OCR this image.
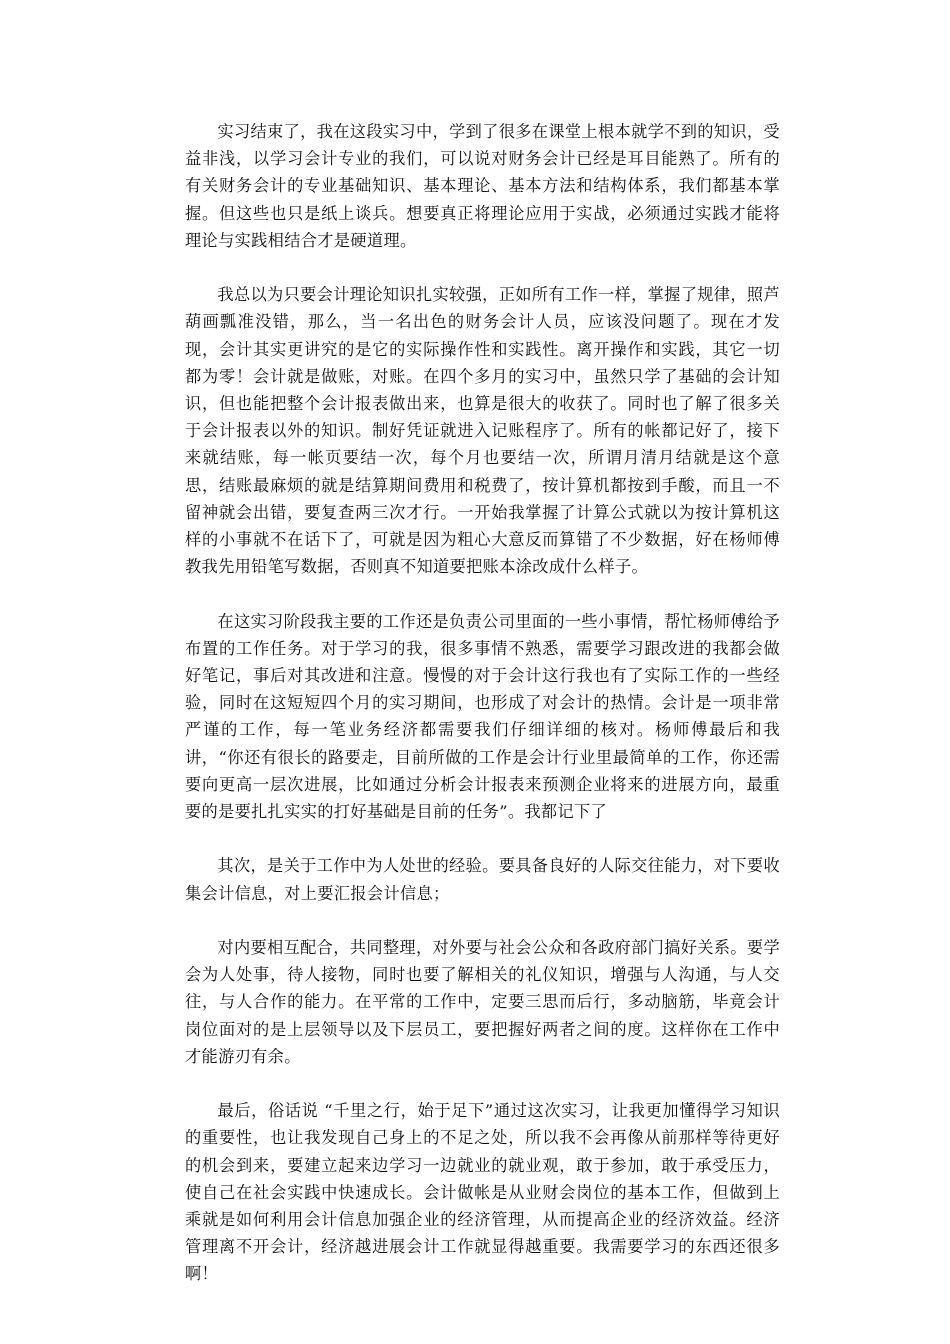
实习结束了，我在这段实习中，学到了很多在课堂上根本就学不到的知识，受益非浅，以学习会计专业的我们，可以说对财务会计已经是耳目能熟了。所有的有关财务会计的专业基础知识、基本理论、基本方法和结构体系，我们都基本掌握。但这些也只是纸上谈兵。想要真正将理论应用于实战，必须通过实践才能将理论与实践相结合才是硬道理。

我总以为只要会计理论知识扎实较强，正如所有工作一样，掌握了规律，照芦葫画瓢准没错，那么，当一名出色的财务会计人员，应该没问题了。现在才发现，会计其实更讲究的是它的实际操作性和实践性。离开操作和实践，其它一切都为零！会计就是做账，对账。在四个多月的实习中，虽然只学了基础的会计知识，但也能把整个会计报表做出来，也算是很大的收获了。同时也了解了很多关于会计报表以外的知识。制好凭证就进入记账程序了。所有的帐都记好了，接下来就结账，每一帐页要结一次，每个月也要结一次，所谓月清月结就是这个意思，结账最麻烦的就是结算期间费用和税费了，按计算机都按到手酸，而且一不留神就会出错，要复查两三次才行。一开始我掌握了计算公式就以为按计算机这样的小事就不在话下了，可就是因为粗心大意反而算错了不少数据，好在杨师傅教我先用铅笔写数据，否则真不知道要把账本涂改成什么样子。

在这实习阶段我主要的工作还是负责公司里面的一些小事情，帮忙杨师傅给予布置的工作任务。对于学习的我，很多事情不熟悉，需要学习跟改进的我都会做好笔记，事后对其改进和注意。慢慢的对于会计这行我也有了实际工作的一些经验，同时在这短短四个月的实习期间，也形成了对会计的热情。会计是一项非常严谨的工作，每一笔业务经济都需要我们仔细详细的核对。杨师傅最后和我讲，“你还有很长的路要走，目前所做的工作是会计行业里最简单的工作，你还需要向更高一层次进展，比如通过分析会计报表来预测企业将来的进展方向，最重要的是要扎扎实实的打好基础是目前的任务”。我都记下了

其次，是关于工作中为人处世的经验。要具备良好的人际交往能力，对下要收集会计信息，对上要汇报会计信息；

对内要相互配合，共同整理，对外要与社会公众和各政府部门搞好关系。要学会为人处事，待人接物，同时也要了解相关的礼仪知识，增强与人沟通，与人交往，与人合作的能力。在平常的工作中，定要三思而后行，多动脑筋，毕竟会计岗位面对的是上层领导以及下层员工，要把握好两者之间的度。这样你在工作中才能游刃有余。

最后，俗话说 “千里之行，始于足下”通过这次实习，让我更加懂得学习知识的重要性，也让我发现自己身上的不足之处，所以我不会再像从前那样等待更好的机会到来，要建立起来边学习一边就业的就业观，敢于参加，敢于承受压力，使自己在社会实践中快速成长。会计做帐是从业财会岗位的基本工作，但做到上乘就是如何利用会计信息加强企业的经济管理，从而提高企业的经济效益。经济管理离不开会计，经济越进展会计工作就显得越重要。我需要学习的东西还很多啊！
